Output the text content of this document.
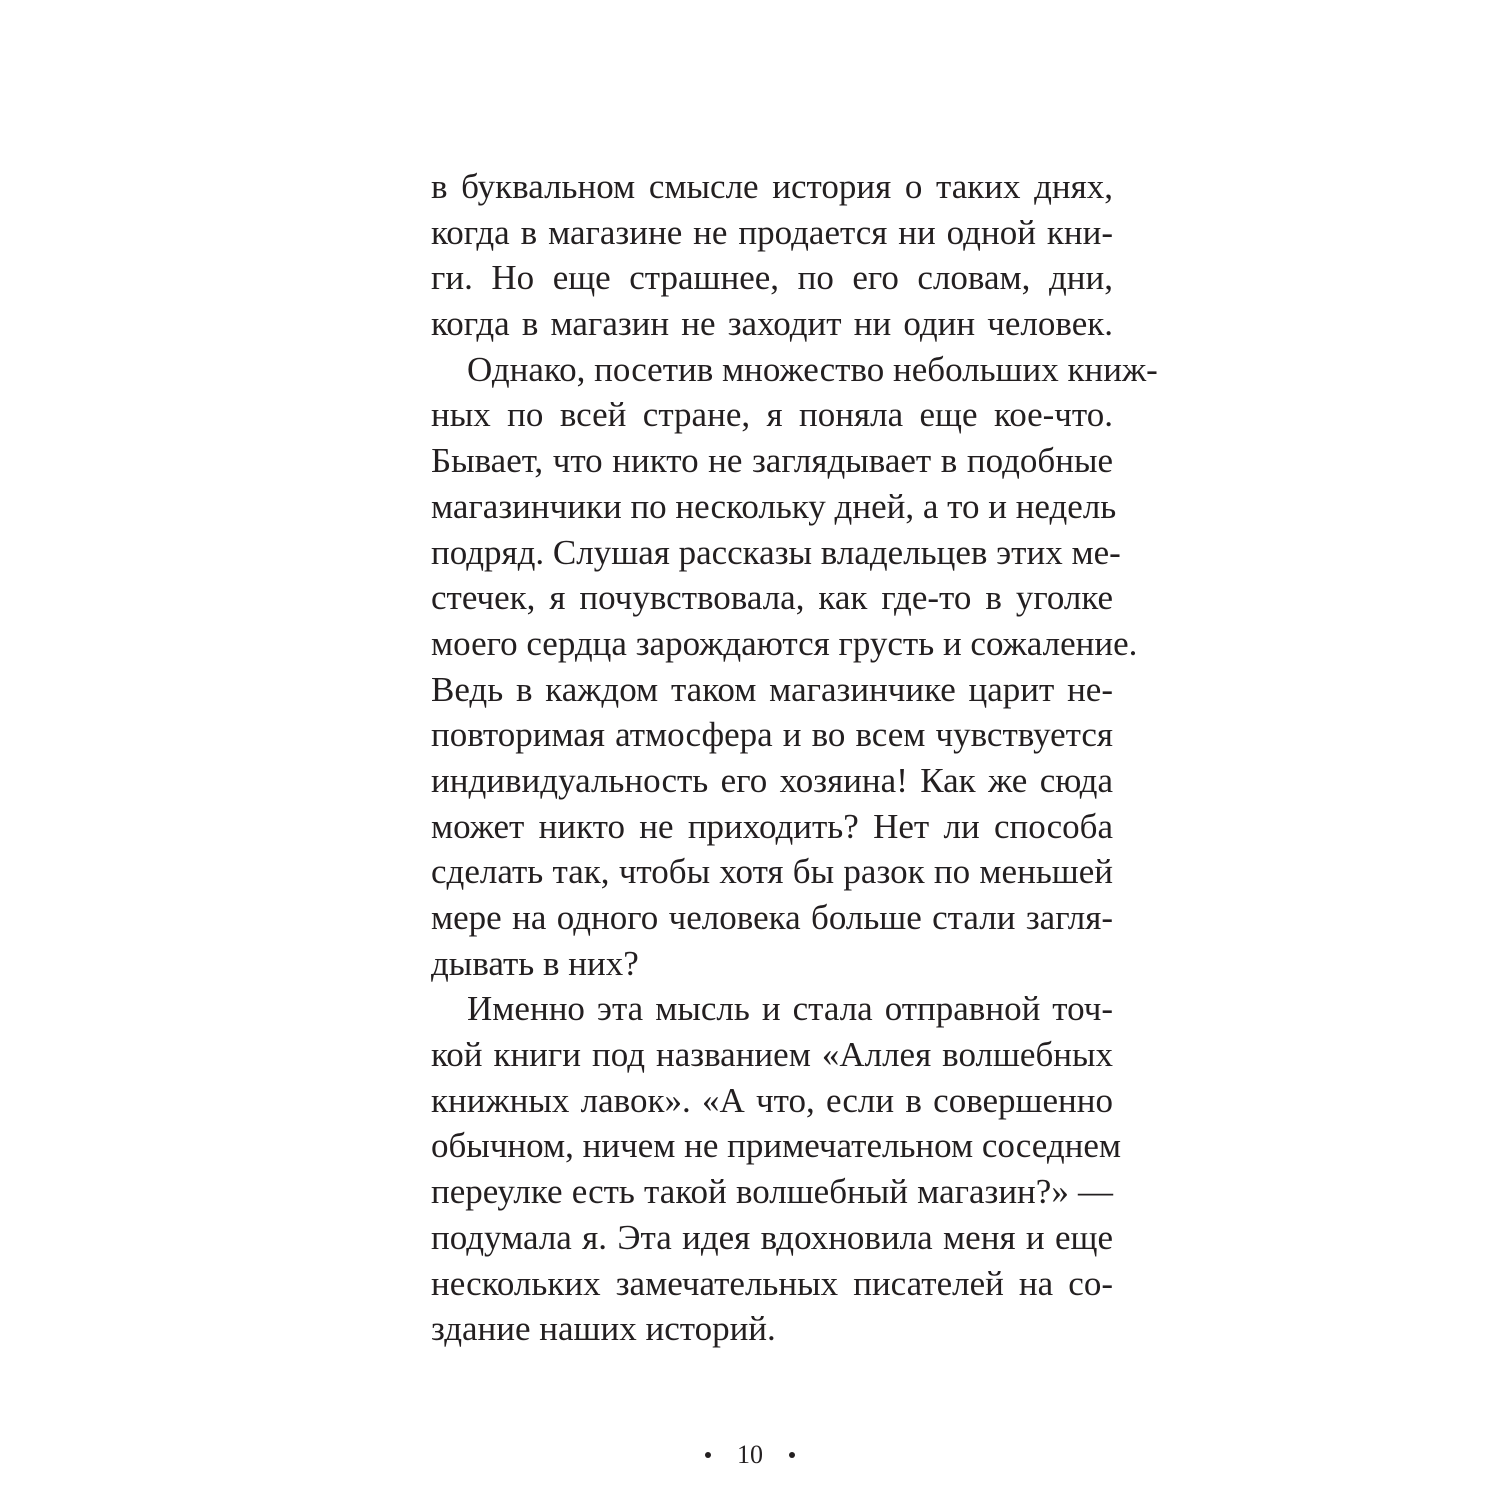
в буквальном смысле история о таких днях,
когда в магазине не продается ни одной кни-
ги. Но еще страшнее, по его словам, дни,
когда в магазин не заходит ни один человек.
Однако, посетив множество небольших книж-
ных по всей стране, я поняла еще кое-что.
Бывает, что никто не заглядывает в подобные
магазинчики по нескольку дней, а то и недель
подряд. Слушая рассказы владельцев этих ме-
стечек, я почувствовала, как где-то в уголке
моего сердца зарождаются грусть и сожаление.
Ведь в каждом таком магазинчике царит не-
повторимая атмосфера и во всем чувствуется
индивидуальность его хозяина! Как же сюда
может никто не приходить? Нет ли способа
сделать так, чтобы хотя бы разок по меньшей
мере на одного человека больше стали загля-
дывать в них?
Именно эта мысль и стала отправной точ-
кой книги под названием «Аллея волшебных
книжных лавок». «А что, если в совершенно
обычном, ничем не примечательном соседнем
переулке есть такой волшебный магазин?» —
подумала я. Эта идея вдохновила меня и еще
нескольких замечательных писателей на со-
здание наших историй.
10
